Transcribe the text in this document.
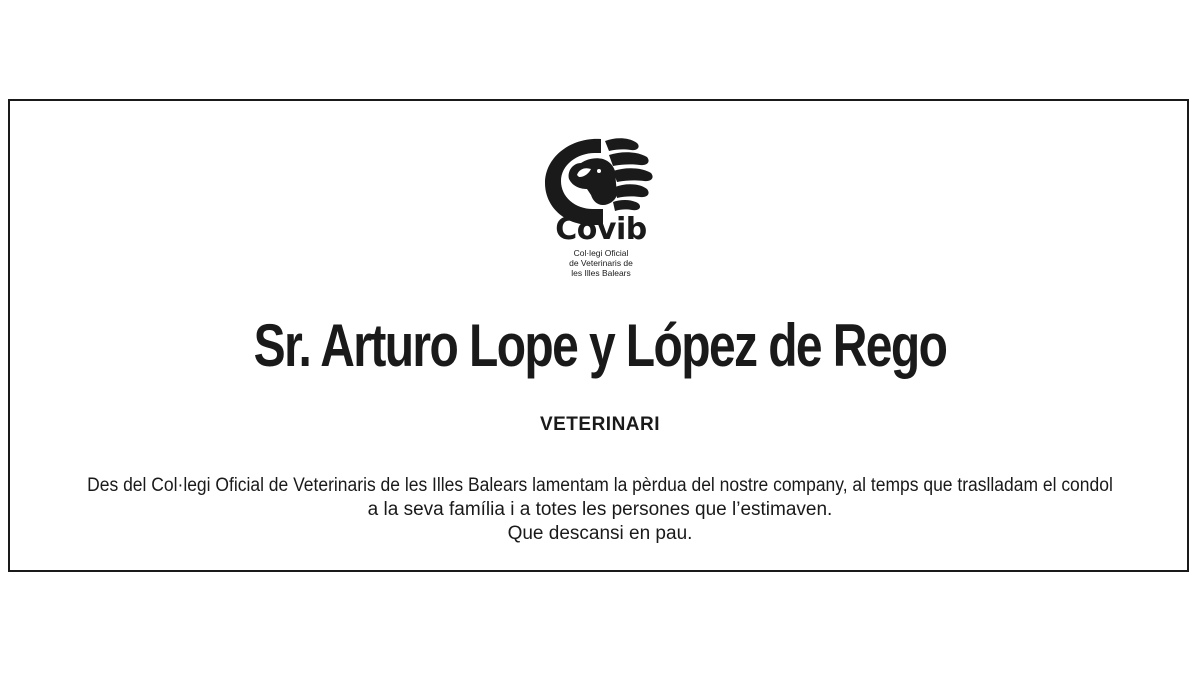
Covib
Col·legi Oficial
de Veterinaris de
les Illes Balears
Sr. Arturo Lope y López de Rego
VETERINARI
Des del Col·legi Oficial de Veterinaris de les Illes Balears lamentam la pèrdua del nostre company, al temps que traslladam el condol
a la seva família i a totes les persones que l’estimaven.
Que descansi en pau.
